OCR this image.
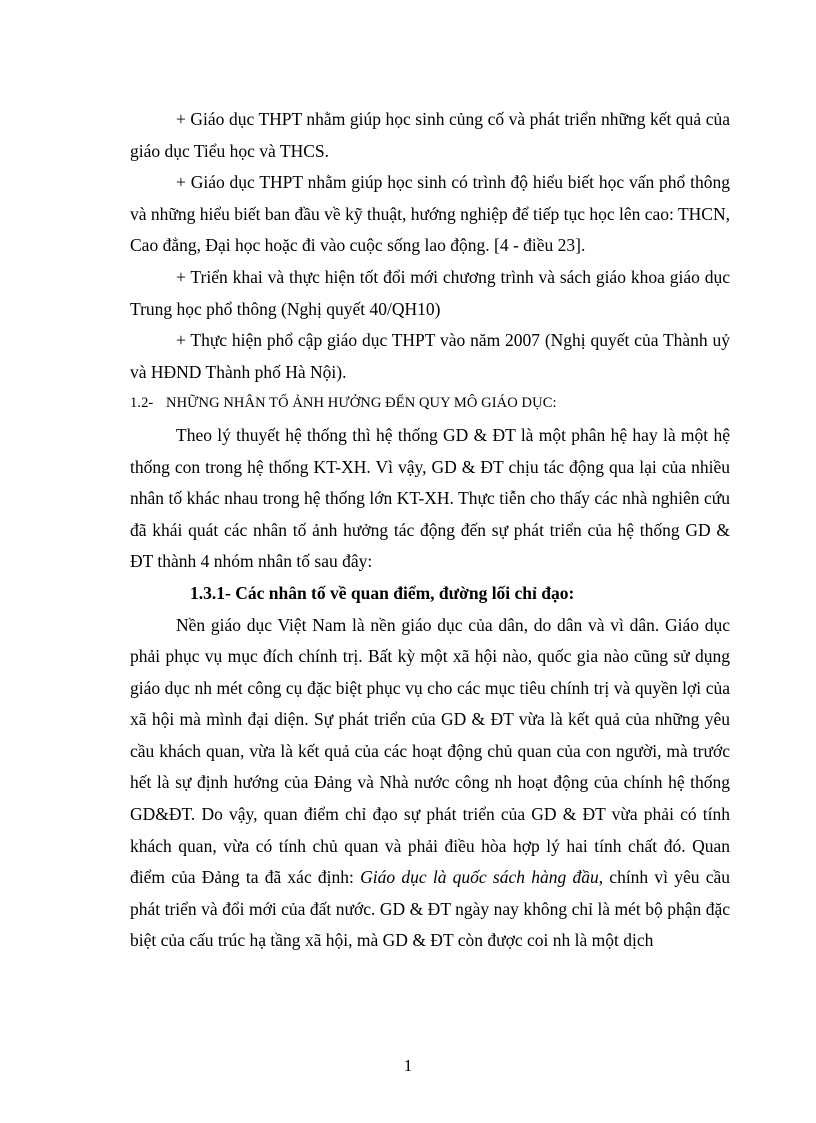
+ Giáo dục THPT nhằm giúp học sinh củng cố và phát triển những kết quả của giáo dục Tiểu học và THCS.

+ Giáo dục THPT nhằm giúp học sinh có trình độ hiểu biết học vấn phổ thông và những hiểu biết ban đầu về kỹ thuật, hướng nghiệp để tiếp tục học lên cao: THCN, Cao đẳng, Đại học hoặc đi vào cuộc sống lao động. [4 - điều 23].

+ Triển khai và thực hiện tốt đổi mới chương trình và sách giáo khoa giáo dục Trung học phổ thông (Nghị quyết 40/QH10)

+ Thực hiện phổ cập giáo dục THPT vào năm 2007 (Nghị quyết của Thành uỷ và HĐND Thành phố Hà Nội).

1.2- NHỮNG NHÂN TỐ ẢNH HƯỞNG ĐẾN QUY MÔ GIÁO DỤC:

Theo lý thuyết hệ thống thì hệ thống GD & ĐT là một phân hệ hay là một hệ thống con trong hệ thống KT-XH. Vì vậy, GD & ĐT chịu tác động qua lại của nhiều nhân tố khác nhau trong hệ thống lớn KT-XH. Thực tiễn cho thấy các nhà nghiên cứu đã khái quát các nhân tố ảnh hưởng tác động đến sự phát triển của hệ thống GD & ĐT thành 4 nhóm nhân tố sau đây:

1.3.1- Các nhân tố về quan điểm, đường lối chỉ đạo:

Nền giáo dục Việt Nam là nền giáo dục của dân, do dân và vì dân. Giáo dục phải phục vụ mục đích chính trị. Bất kỳ một xã hội nào, quốc gia nào cũng sử dụng giáo dục nh mét công cụ đặc biệt phục vụ cho các mục tiêu chính trị và quyền lợi của xã hội mà mình đại diện. Sự phát triển của GD & ĐT vừa là kết quả của những yêu cầu khách quan, vừa là kết quả của các hoạt động chủ quan của con người, mà trước hết là sự định hướng của Đảng và Nhà nước công nh hoạt động của chính hệ thống GD&ĐT. Do vậy, quan điểm chỉ đạo sự phát triển của GD & ĐT vừa phải có tính khách quan, vừa có tính chủ quan và phải điều hòa hợp lý hai tính chất đó. Quan điểm của Đảng ta đã xác định: Giáo dục là quốc sách hàng đầu, chính vì yêu cầu phát triển và đổi mới của đất nước. GD & ĐT ngày nay không chỉ là mét bộ phận đặc biệt của cấu trúc hạ tầng xã hội, mà GD & ĐT còn được coi nh là một dịch

1
